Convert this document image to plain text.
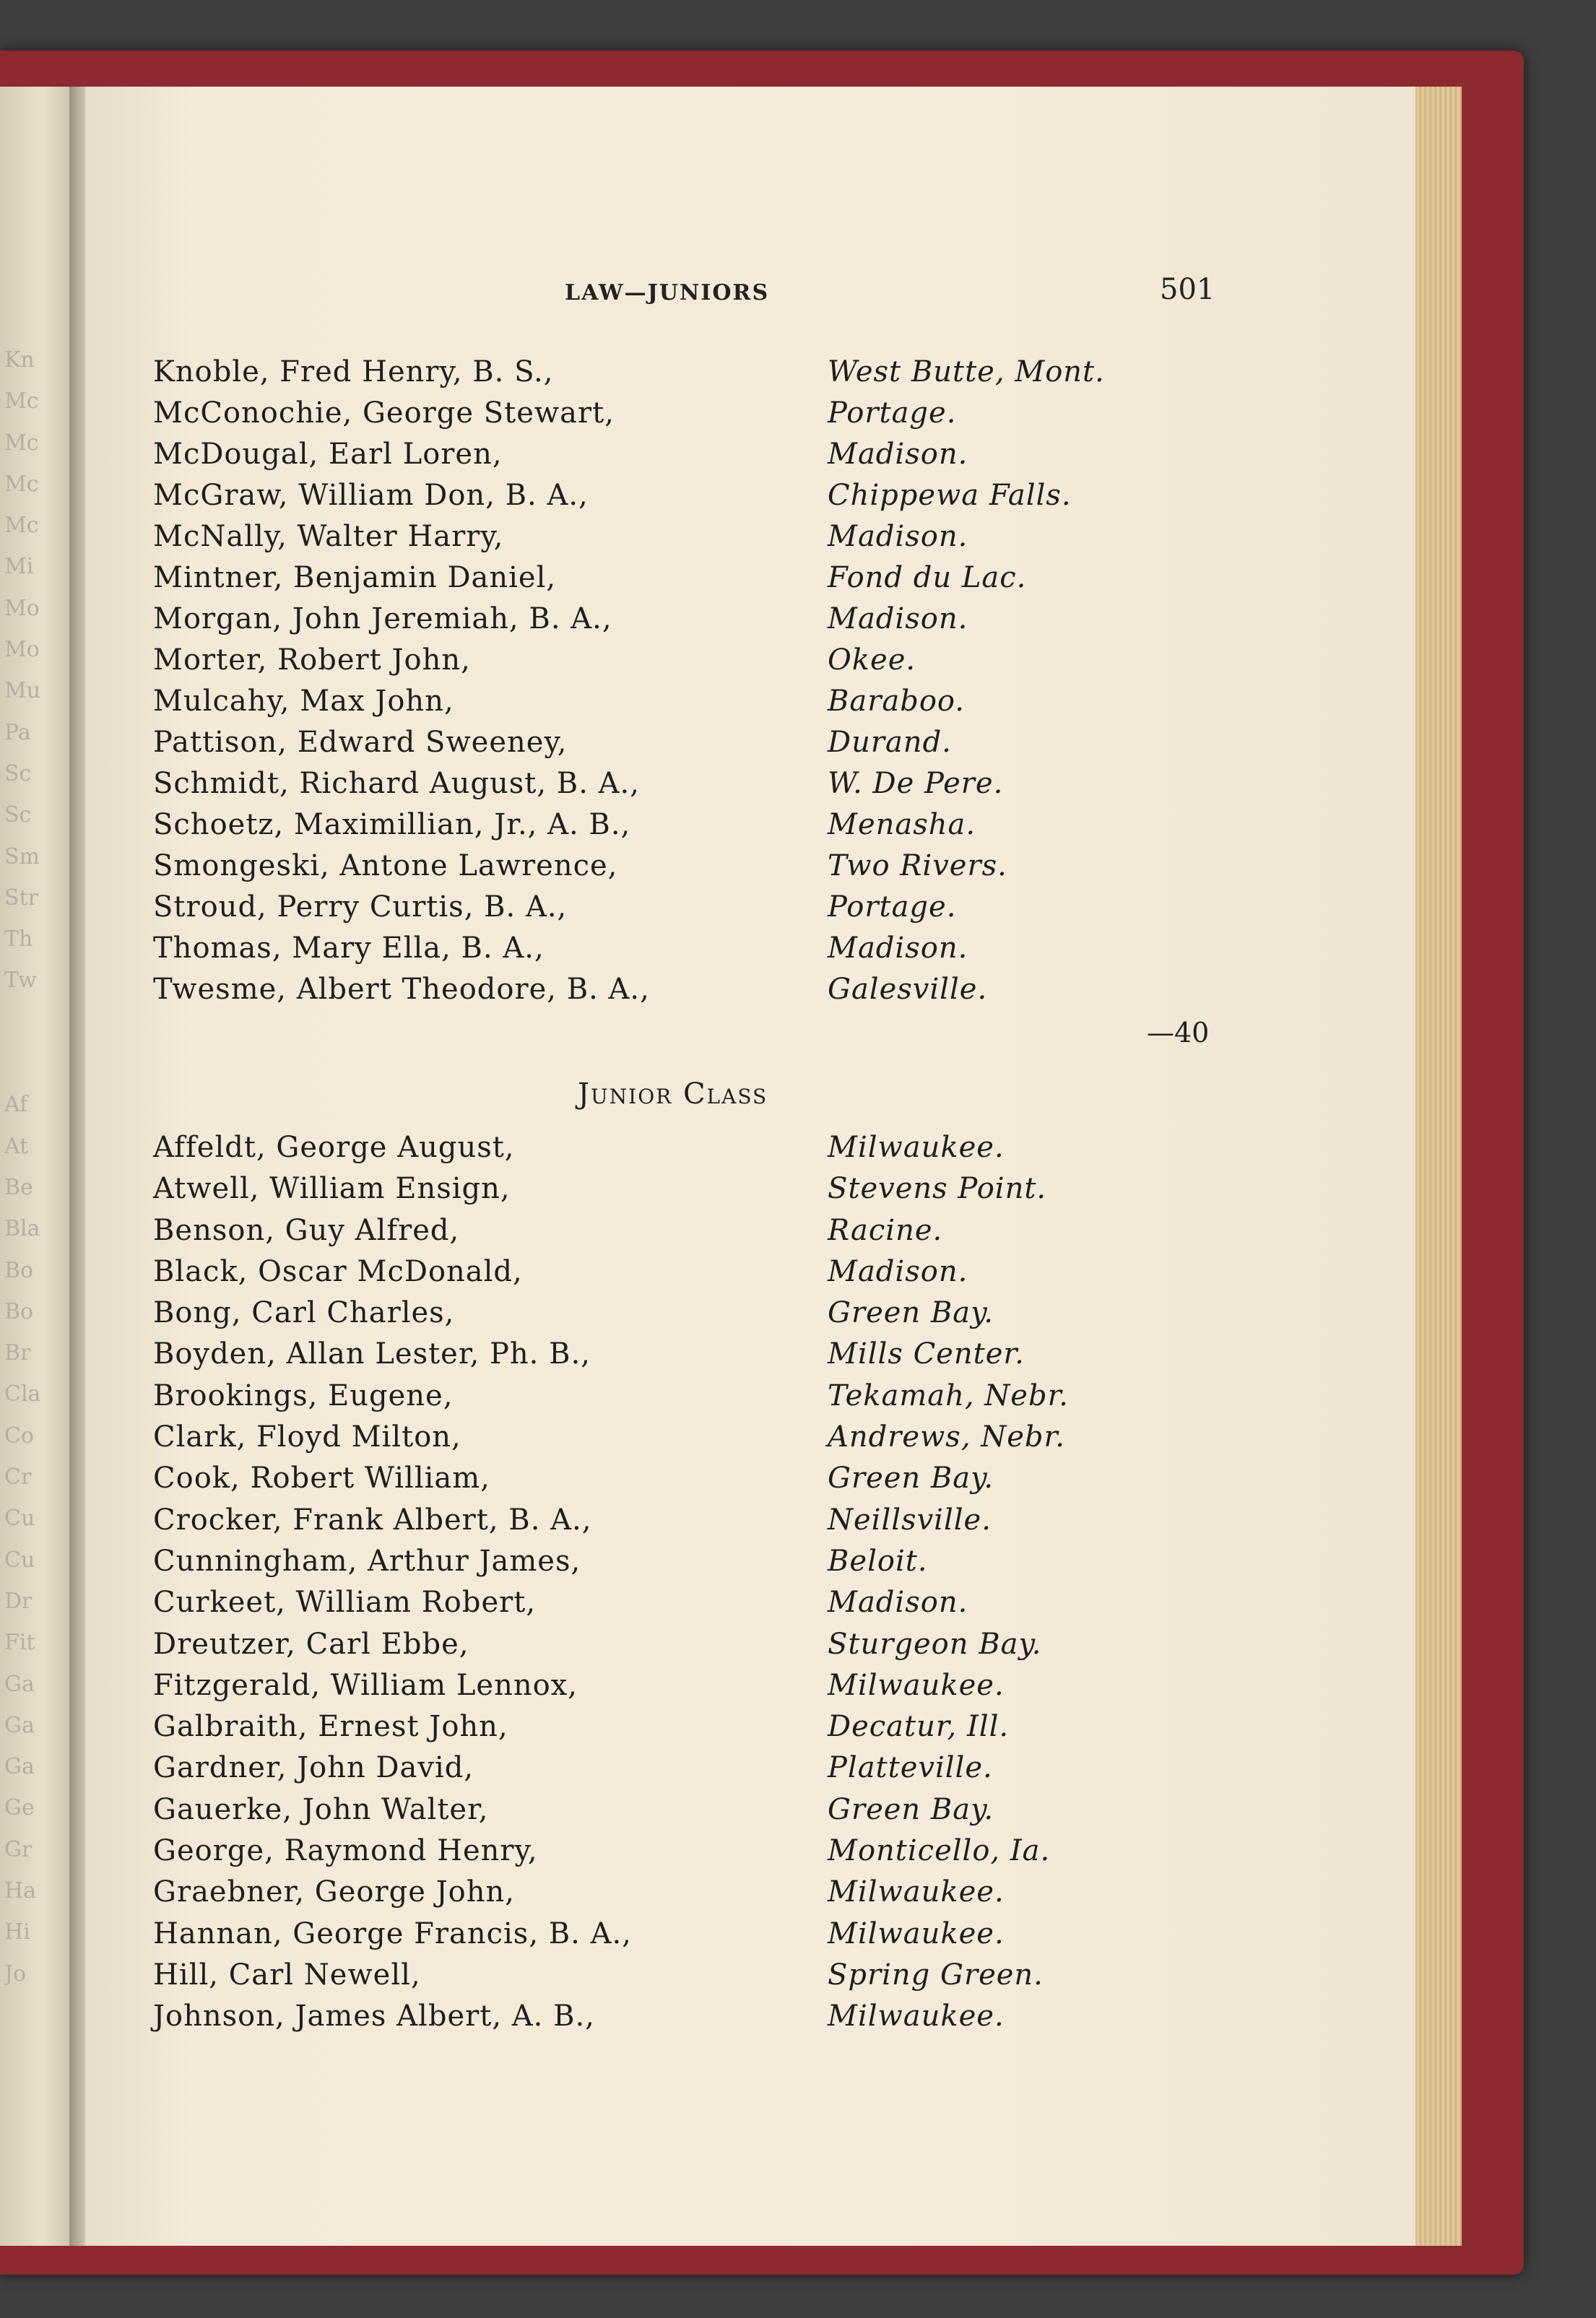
Kn
Mc
Mc
Mc
Mc
Mi
Mo
Mo
Mu
Pa
Sc
Sc
Sm
Str
Th
Tw
Af
At
Be
Bla
Bo
Bo
Br
Cla
Co
Cr
Cu
Cu
Dr
Fit
Ga
Ga
Ga
Ge
Gr
Ha
Hi
Jo
LAW—JUNIORS	501
Knoble, Fred Henry, B. S.,	West Butte, Mont.
McConochie, George Stewart,	Portage.
McDougal, Earl Loren,	Madison.
McGraw, William Don, B. A.,	Chippewa Falls.
McNally, Walter Harry,	Madison.
Mintner, Benjamin Daniel,	Fond du Lac.
Morgan, John Jeremiah, B. A.,	Madison.
Morter, Robert John,	Okee.
Mulcahy, Max John,	Baraboo.
Pattison, Edward Sweeney,	Durand.
Schmidt, Richard August, B. A.,	W. De Pere.
Schoetz, Maximillian, Jr., A. B.,	Menasha.
Smongeski, Antone Lawrence,	Two Rivers.
Stroud, Perry Curtis, B. A.,	Portage.
Thomas, Mary Ella, B. A.,	Madison.
Twesme, Albert Theodore, B. A.,	Galesville.
—40
Junior Class
Affeldt, George August,	Milwaukee.
Atwell, William Ensign,	Stevens Point.
Benson, Guy Alfred,	Racine.
Black, Oscar McDonald,	Madison.
Bong, Carl Charles,	Green Bay.
Boyden, Allan Lester, Ph. B.,	Mills Center.
Brookings, Eugene,	Tekamah, Nebr.
Clark, Floyd Milton,	Andrews, Nebr.
Cook, Robert William,	Green Bay.
Crocker, Frank Albert, B. A.,	Neillsville.
Cunningham, Arthur James,	Beloit.
Curkeet, William Robert,	Madison.
Dreutzer, Carl Ebbe,	Sturgeon Bay.
Fitzgerald, William Lennox,	Milwaukee.
Galbraith, Ernest John,	Decatur, Ill.
Gardner, John David,	Platteville.
Gauerke, John Walter,	Green Bay.
George, Raymond Henry,	Monticello, Ia.
Graebner, George John,	Milwaukee.
Hannan, George Francis, B. A.,	Milwaukee.
Hill, Carl Newell,	Spring Green.
Johnson, James Albert, A. B.,	Milwaukee.
